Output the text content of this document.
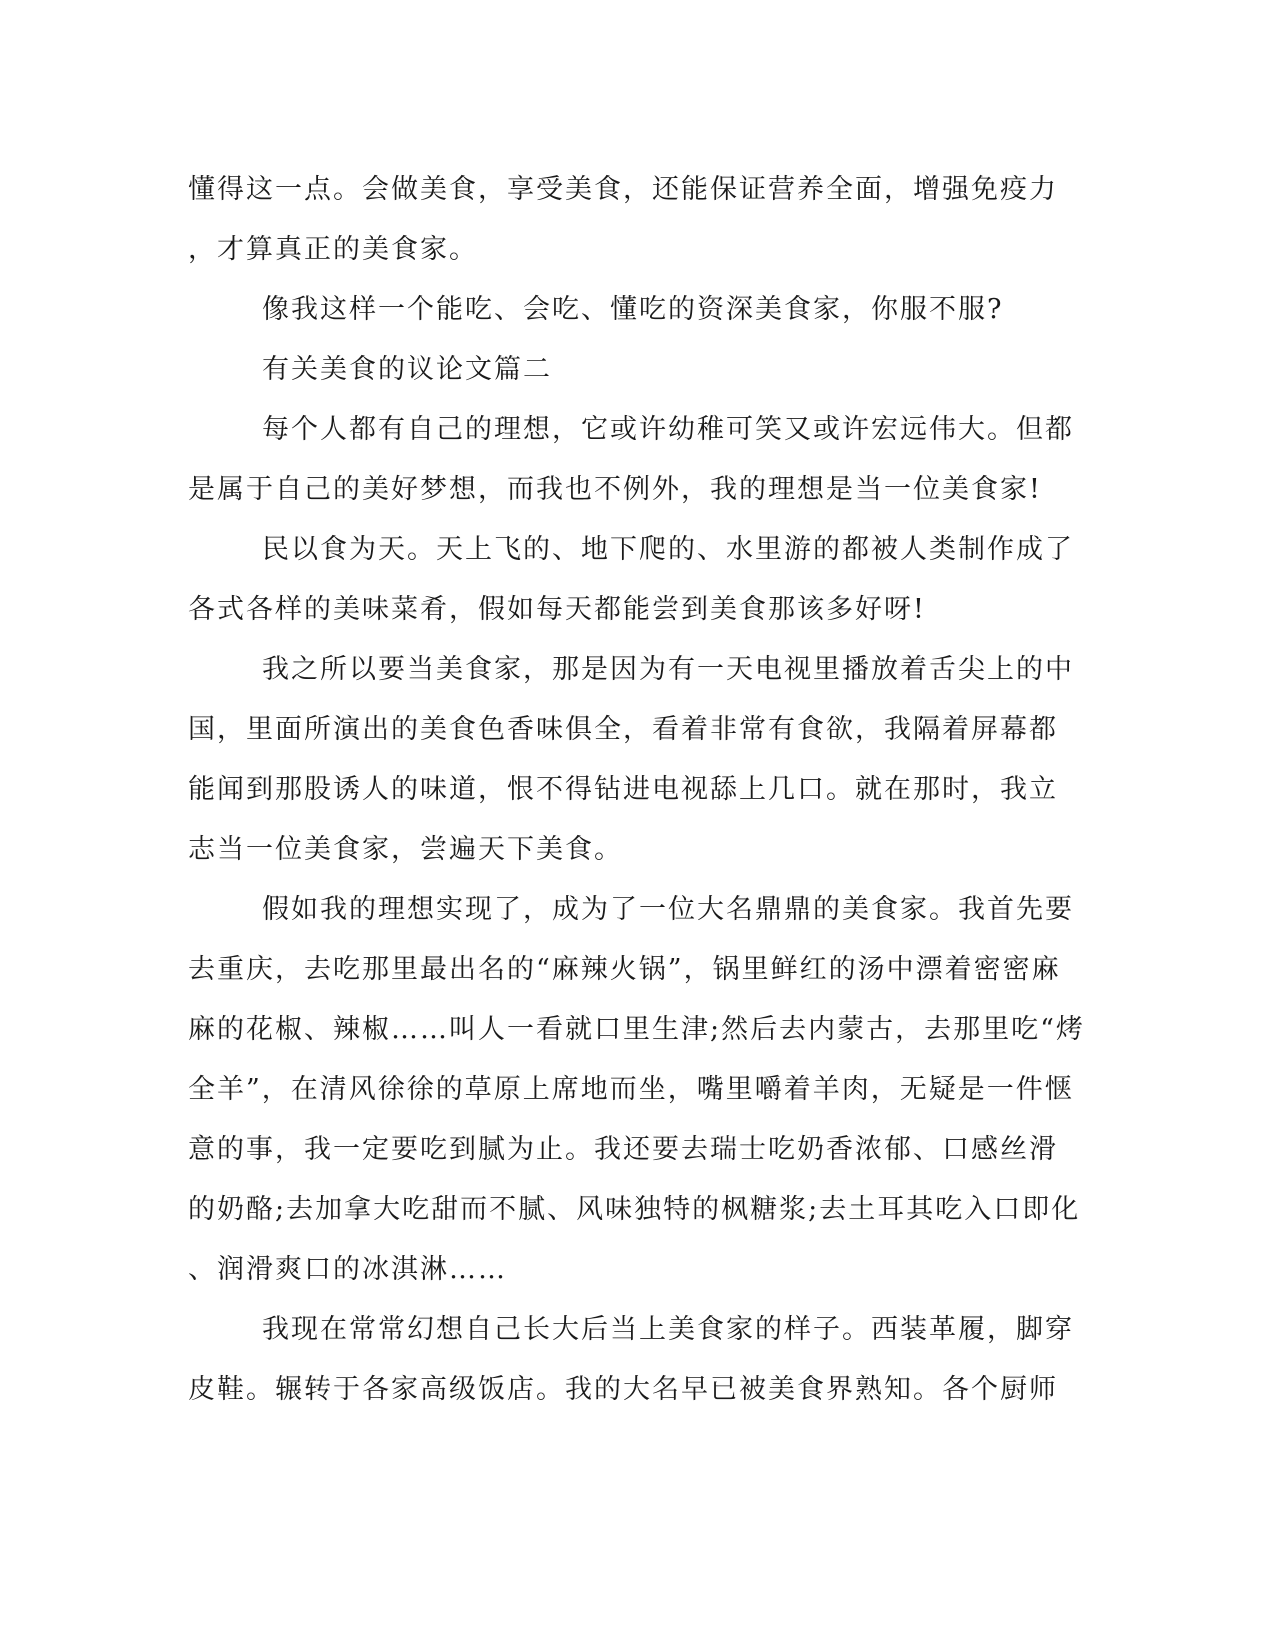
懂得这一点。会做美食，享受美食，还能保证营养全面，增强免疫力
，才算真正的美食家。
像我这样一个能吃、会吃、懂吃的资深美食家，你服不服?
有关美食的议论文篇二
每个人都有自己的理想，它或许幼稚可笑又或许宏远伟大。但都
是属于自己的美好梦想，而我也不例外，我的理想是当一位美食家!
民以食为天。天上飞的、地下爬的、水里游的都被人类制作成了
各式各样的美味菜肴，假如每天都能尝到美食那该多好呀!
我之所以要当美食家，那是因为有一天电视里播放着舌尖上的中
国，里面所演出的美食色香味俱全，看着非常有食欲，我隔着屏幕都
能闻到那股诱人的味道，恨不得钻进电视舔上几口。就在那时，我立
志当一位美食家，尝遍天下美食。
假如我的理想实现了，成为了一位大名鼎鼎的美食家。我首先要
去重庆，去吃那里最出名的“麻辣火锅”，锅里鲜红的汤中漂着密密麻
麻的花椒、辣椒……叫人一看就口里生津;然后去内蒙古，去那里吃“烤
全羊”，在清风徐徐的草原上席地而坐，嘴里嚼着羊肉，无疑是一件惬
意的事，我一定要吃到腻为止。我还要去瑞士吃奶香浓郁、口感丝滑
的奶酪;去加拿大吃甜而不腻、风味独特的枫糖浆;去土耳其吃入口即化
、润滑爽口的冰淇淋……
我现在常常幻想自己长大后当上美食家的样子。西装革履，脚穿
皮鞋。辗转于各家高级饭店。我的大名早已被美食界熟知。各个厨师
